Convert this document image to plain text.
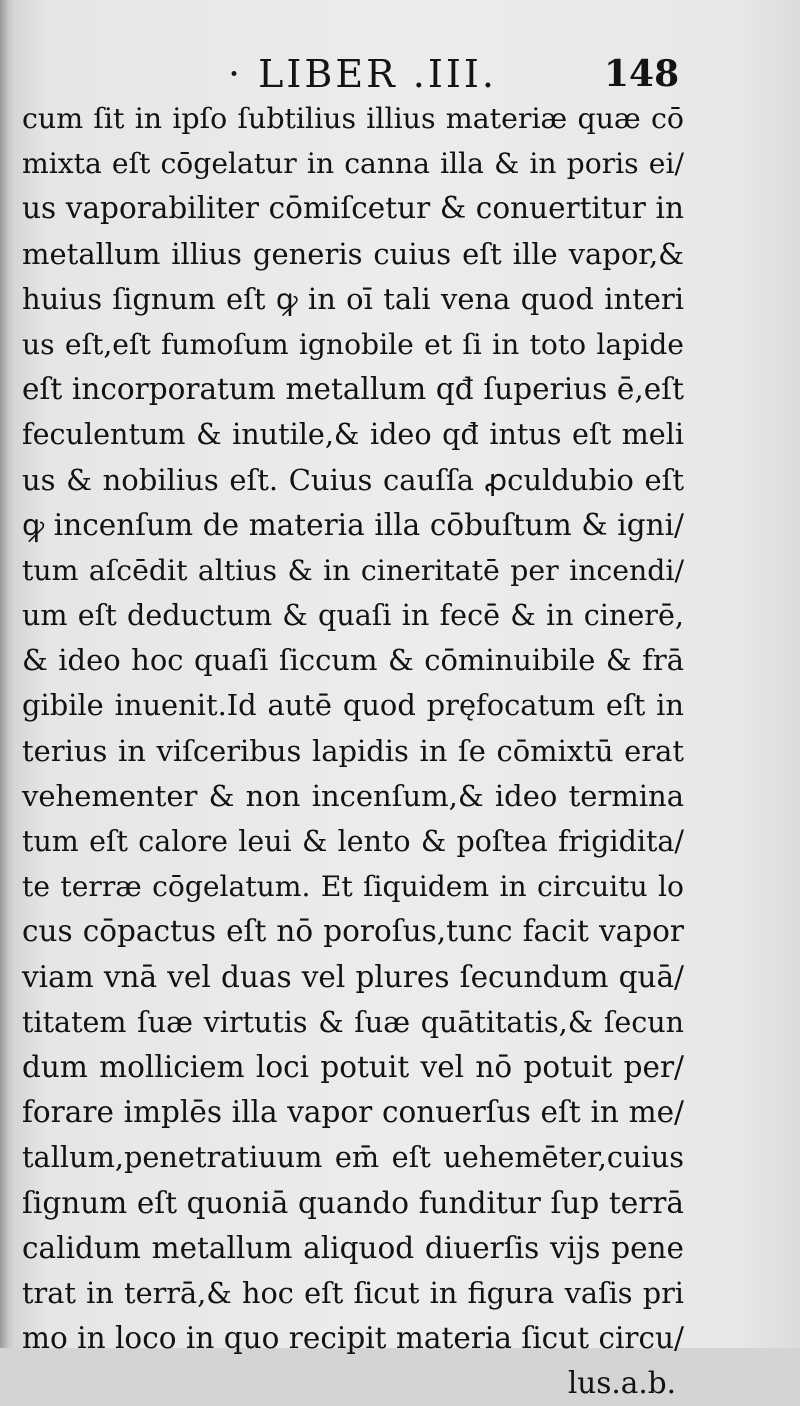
· LIBER .III.	148
cum ſit in ipſo ſubtilius illius materiæ quæ cō
mixta eſt cōgelatur in canna illa & in poris ei/
us vaporabiliter cōmiſcetur & conuertitur in
metallum illius generis cuius eſt ille vapor,&
huius ſignum eſt ꝙ in oī tali vena quod interi
us eſt,eſt fumoſum ignobile et ſi in toto lapide
eſt incorporatum metallum qđ ſuperius ē,eſt
feculentum & inutile,& ideo qđ intus eſt meli
us & nobilius eſt. Cuius cauſſa ꝓculdubio eſt
ꝙ incenſum de materia illa cōbuſtum & igni/
tum aſcēdit altius & in cineritatē per incendi/
um eſt deductum & quaſi in fecē & in cinerē,
& ideo hoc quaſi ſiccum & cōminuibile & frā
gibile inuenit.Id autē quod pręfocatum eſt in
terius in viſceribus lapidis in ſe cōmixtū erat
vehementer & non incenſum,& ideo termina
tum eſt calore leui & lento & poſtea frigidita/
te terræ cōgelatum. Et ſiquidem in circuitu lo
cus cōpactus eſt nō poroſus,tunc facit vapor
viam vnā vel duas vel plures ſecundum quā/
titatem ſuæ virtutis & ſuæ quātitatis,& ſecun
dum molliciem loci potuit vel nō potuit per/
forare implēs illa vapor conuerſus eſt in me/
tallum,penetratiuum em̄ eſt uehemēter,cuius
ſignum eſt quoniā quando funditur ſup terrā
calidum metallum aliquod diuerſis vijs pene
trat in terrā,& hoc eſt ſicut in figura vaſis pri
mo in loco in quo recipit materia ſicut circu/
lus.a.b.
